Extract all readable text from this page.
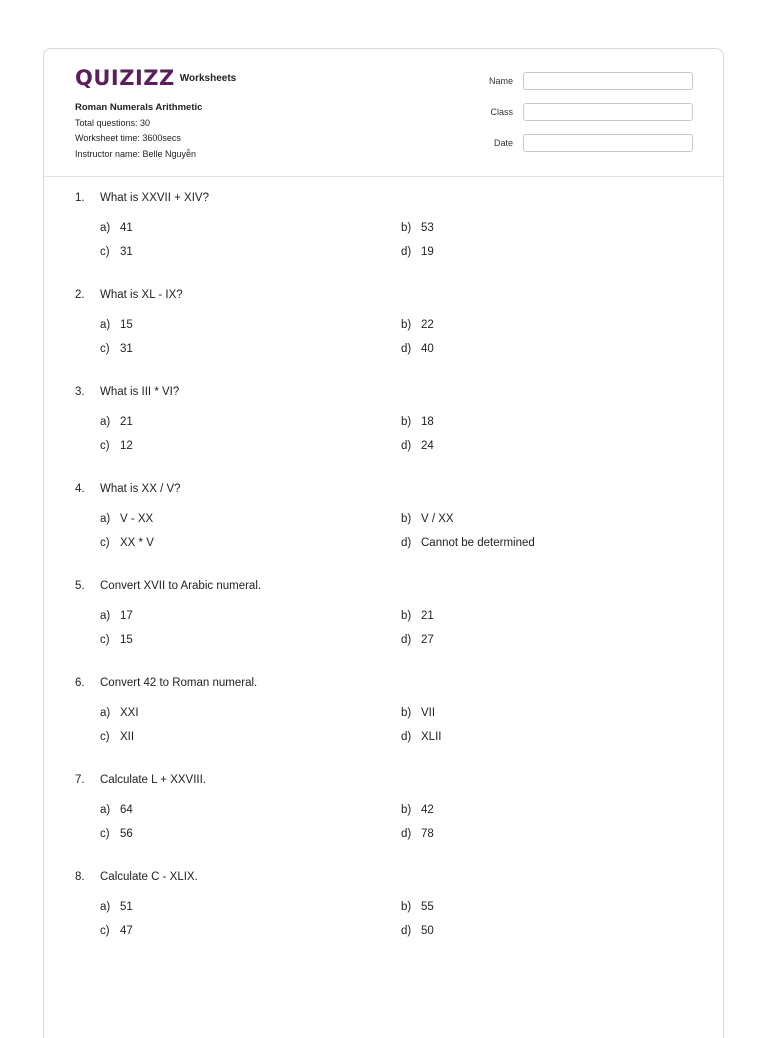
QUIZIZZ Worksheets
Roman Numerals Arithmetic
Total questions: 30
Worksheet time: 3600secs
Instructor name: Belle Nguyễn
Name
Class
Date
1. What is XXVII + XIV?
a) 41	b) 53
c) 31	d) 19
2. What is XL - IX?
a) 15	b) 22
c) 31	d) 40
3. What is III * VI?
a) 21	b) 18
c) 12	d) 24
4. What is XX / V?
a) V - XX	b) V / XX
c) XX * V	d) Cannot be determined
5. Convert XVII to Arabic numeral.
a) 17	b) 21
c) 15	d) 27
6. Convert 42 to Roman numeral.
a) XXI	b) VII
c) XII	d) XLII
7. Calculate L + XXVIII.
a) 64	b) 42
c) 56	d) 78
8. Calculate C - XLIX.
a) 51	b) 55
c) 47	d) 50
